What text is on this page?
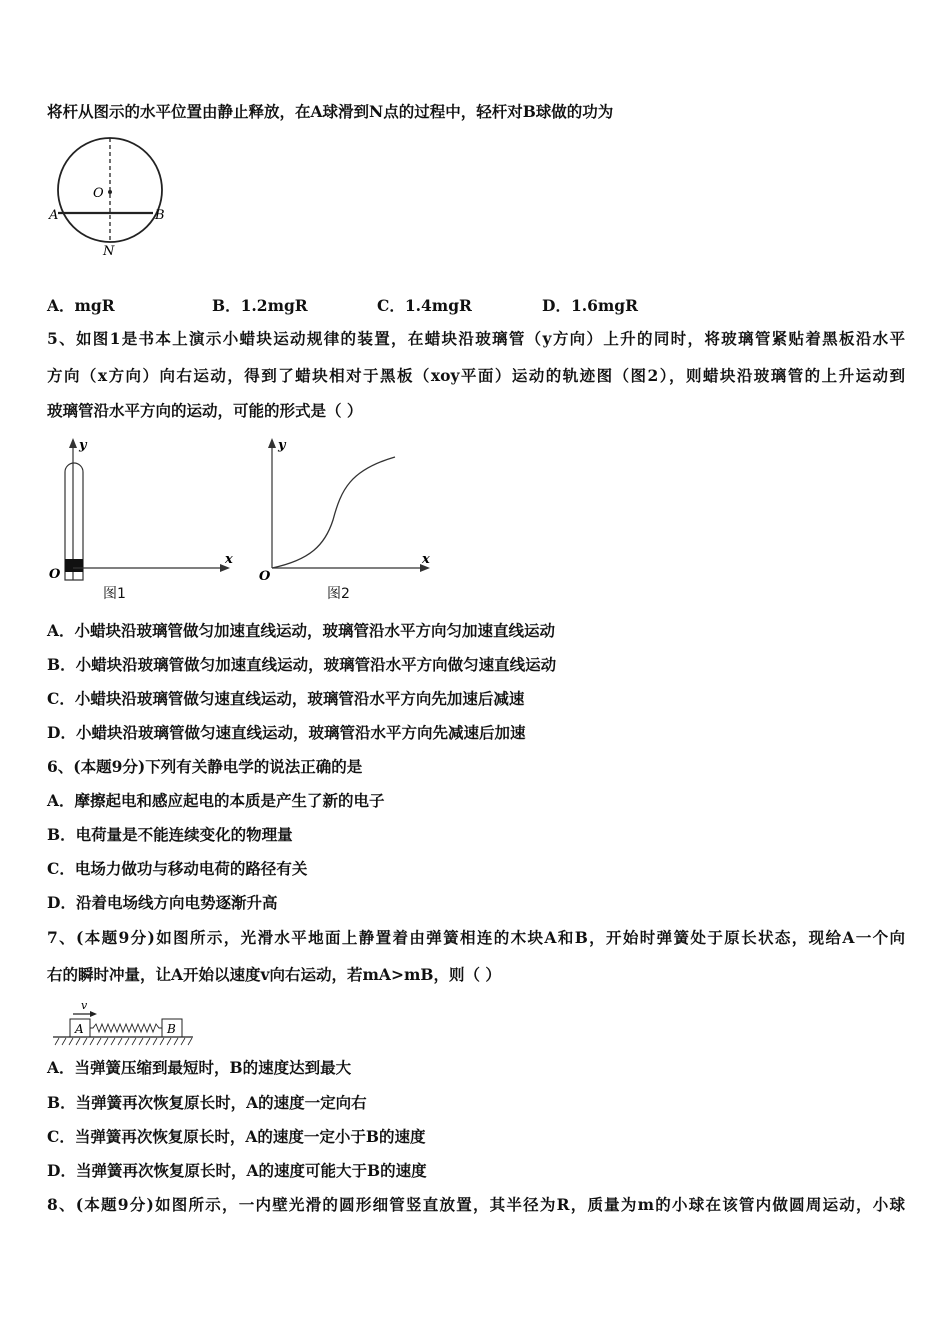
将杆从图示的水平位置由静止释放，在A球滑到N点的过程中，轻杆对B球做的功为
O
A	B
N
A．mgR	B．1.2mgR	C．1.4mgR	D．1.6mgR
5、如图1是书本上演示小蜡块运动规律的装置，在蜡块沿玻璃管（y方向）上升的同时，将玻璃管紧贴着黑板沿水平
方向（x方向）向右运动，得到了蜡块相对于黑板（xoy平面）运动的轨迹图（图2），则蜡块沿玻璃管的上升运动到
玻璃管沿水平方向的运动，可能的形式是（ ）
y
x
O
图1
y
x
O
图2
A．小蜡块沿玻璃管做匀加速直线运动，玻璃管沿水平方向匀加速直线运动
B．小蜡块沿玻璃管做匀加速直线运动，玻璃管沿水平方向做匀速直线运动
C．小蜡块沿玻璃管做匀速直线运动，玻璃管沿水平方向先加速后减速
D．小蜡块沿玻璃管做匀速直线运动，玻璃管沿水平方向先减速后加速
6、(本题9分)下列有关静电学的说法正确的是
A．摩擦起电和感应起电的本质是产生了新的电子
B．电荷量是不能连续变化的物理量
C．电场力做功与移动电荷的路径有关
D．沿着电场线方向电势逐渐升高
7、(本题9分)如图所示，光滑水平地面上静置着由弹簧相连的木块A和B，开始时弹簧处于原长状态，现给A一个向
右的瞬时冲量，让A开始以速度v向右运动，若mA>mB，则（ ）
v
A	B
A．当弹簧压缩到最短时，B的速度达到最大
B．当弹簧再次恢复原长时，A的速度一定向右
C．当弹簧再次恢复原长时，A的速度一定小于B的速度
D．当弹簧再次恢复原长时，A的速度可能大于B的速度
8、(本题9分)如图所示，一内壁光滑的圆形细管竖直放置，其半径为R，质量为m的小球在该管内做圆周运动，小球
